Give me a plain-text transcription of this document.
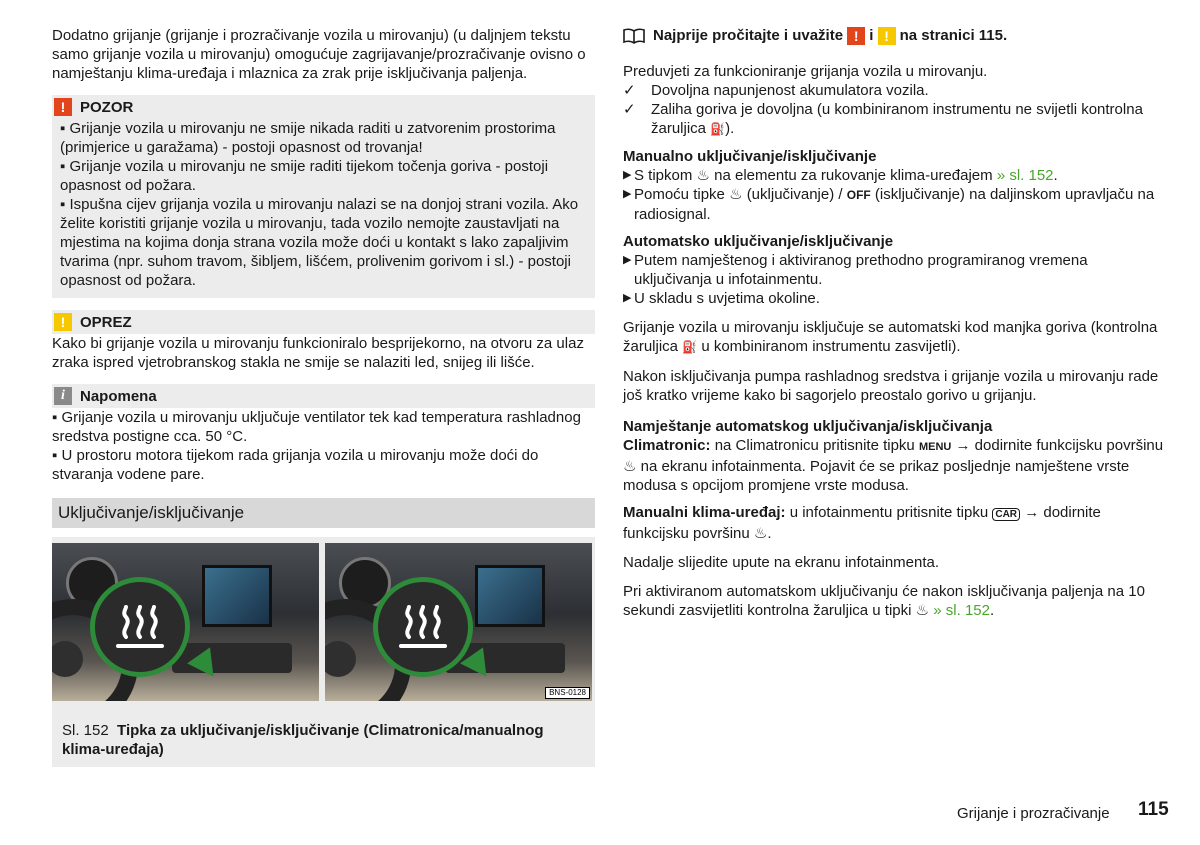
Dodatno grijanje (grijanje i prozračivanje vozila u mirovanju) (u daljnjem tekstu samo grijanje vozila u mirovanju) omogućuje zagrijavanje/prozračivanje ovisno o namještanju klima-uređaja i mlaznica za zrak prije isključivanja paljenja.

! POZOR

▪ Grijanje vozila u mirovanju ne smije nikada raditi u zatvorenim prostorima (primjerice u garažama) - postoji opasnost od trovanja!

▪ Grijanje vozila u mirovanju ne smije raditi tijekom točenja goriva - postoji opasnost od požara.

▪ Ispušna cijev grijanja vozila u mirovanju nalazi se na donjoj strani vozila. Ako želite koristiti grijanje vozila u mirovanju, tada vozilo nemojte zaustavljati na mjestima na kojima donja strana vozila može doći u kontakt s lako zapaljivim tvarima (npr. suhom travom, šibljem, lišćem, prolivenim gorivom i sl.) - postoji opasnost od požara.

! OPREZ

Kako bi grijanje vozila u mirovanju funkcioniralo besprijekorno, na otvoru za ulaz zraka ispred vjetrobranskog stakla ne smije se nalaziti led, snijeg ili lišće.

i	Napomena

▪ Grijanje vozila u mirovanju uključuje ventilator tek kad temperatura rashladnog sredstva postigne cca. 50 °C.

▪ U prostoru motora tijekom rada grijanja vozila u mirovanju može doći do stvaranja vodene pare.

Uključivanje/isključivanje
BNS-0128
Sl. 152 Tipka za uključivanje/isključivanje (Climatronica/manualnog klima-uređaja)
Najprije pročitajte i uvažite
! i
! na stranici 115.

Preduvjeti za funkcioniranje grijanja vozila u mirovanju.

✓	Dovoljna napunjenost akumulatora vozila.
✓	Zaliha goriva je dovoljna (u kombiniranom instrumentu ne svijetli kontrolna žaruljica ⛽).

Manualno uključivanje/isključivanje

▶ S tipkom ♨ na elementu za rukovanje klima-uređajem » sl. 152.
▶ Pomoću tipke ♨ (uključivanje) / OFF (isključivanje) na daljinskom upravljaču na radiosignal.

Automatsko uključivanje/isključivanje

▶ Putem namještenog i aktiviranog prethodno programiranog vremena uključivanja u infotainmentu.
▶ U skladu s uvjetima okoline.

Grijanje vozila u mirovanju isključuje se automatski kod manjka goriva (kontrolna žaruljica ⛽ u kombiniranom instrumentu zasvijetli).

Nakon isključivanja pumpa rashladnog sredstva i grijanje vozila u mirovanju rade još kratko vrijeme kako bi sagorjelo preostalo gorivo u grijanju.

Namještanje automatskog uključivanja/isključivanja

Climatronic: na Climatronicu pritisnite tipku MENU → dodirnite funkcijsku površinu ♨ na ekranu infotainmenta. Pojavit će se prikaz posljednje namještene vrste modusa s opcijom promjene vrste modusa.

Manualni klima-uređaj: u infotainmentu pritisnite tipku CAR → dodirnite funkcijsku površinu ♨.

Nadalje slijedite upute na ekranu infotainmenta.

Pri aktiviranom automatskom uključivanju će nakon isključivanja paljenja na 10 sekundi zasvijetliti kontrolna žaruljica u tipki ♨ » sl. 152.

Grijanje i prozračivanje 115
